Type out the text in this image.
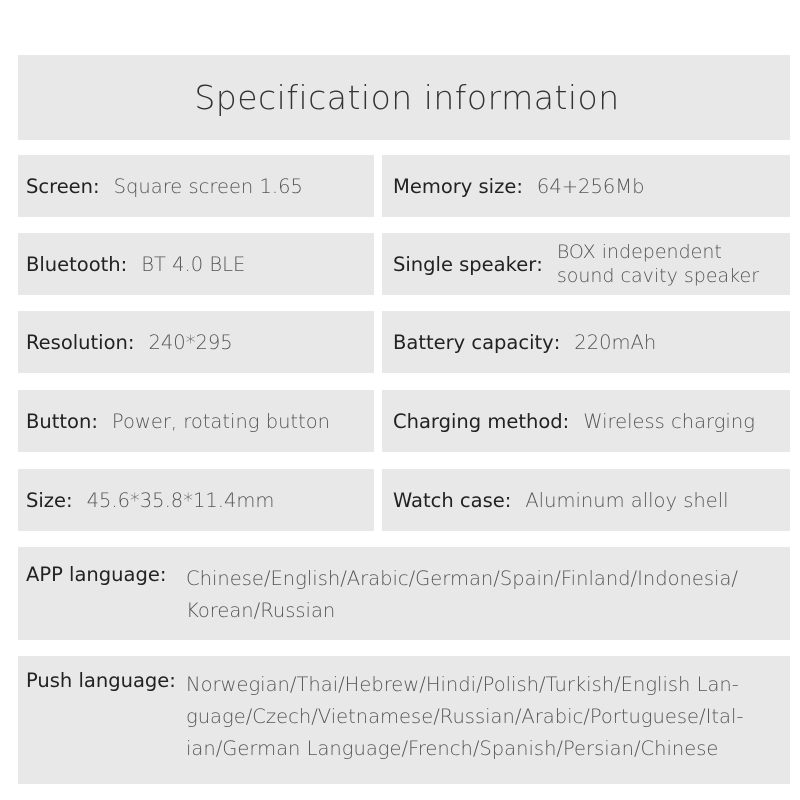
Specification information
Screen : Square screen 1.65
Bluetooth : BT 4.0 BLE
Resolution : 240*295
Button : Power, rotating button
Size : 45.6*35.8*11.4mm
Memory size : 64+256Mb
Single speaker :
BOX independent
sound cavity speaker
Battery capacity : 220mAh
Charging method : Wireless charging
Watch case : Aluminum alloy shell
APP language:	Chinese/English/Arabic/German/Spain/Finland/Indonesia/
Korean/Russian
Push language: Norwegian/Thai/Hebrew/Hindi/Polish/Turkish/English Lan-
guage/Czech/Vietnamese/Russian/Arabic/Portuguese/Ital-
ian/German Language/French/Spanish/Persian/Chinese
